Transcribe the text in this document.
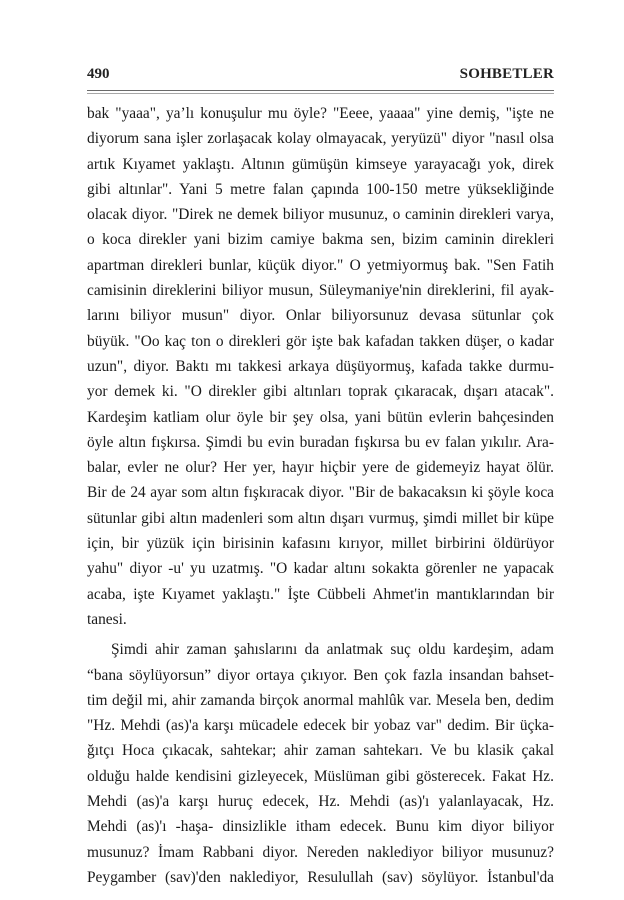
490	SOHBETLER
bak "yaaa", ya’lı konuşulur mu öyle? "Eeee, yaaaa" yine demiş, "işte ne
diyorum sana işler zorlaşacak kolay olmayacak, yeryüzü" diyor "nasıl olsa
artık Kıyamet yaklaştı. Altının gümüşün kimseye yarayacağı yok, direk
gibi altınlar". Yani 5 metre falan çapında 100-150 metre yüksekliğinde
olacak diyor. "Direk ne demek biliyor musunuz, o caminin direkleri varya,
o koca direkler yani bizim camiye bakma sen, bizim caminin direkleri
apartman direkleri bunlar, küçük diyor." O yetmiyormuş bak. "Sen Fatih
camisinin direklerini biliyor musun, Süleymaniye'nin direklerini, fil ayak-
larını biliyor musun" diyor. Onlar biliyorsunuz devasa sütunlar çok
büyük. "Oo kaç ton o direkleri gör işte bak kafadan takken düşer, o kadar
uzun", diyor. Baktı mı takkesi arkaya düşüyormuş, kafada takke durmu-
yor demek ki. "O direkler gibi altınları toprak çıkaracak, dışarı atacak".
Kardeşim katliam olur öyle bir şey olsa, yani bütün evlerin bahçesinden
öyle altın fışkırsa. Şimdi bu evin buradan fışkırsa bu ev falan yıkılır. Ara-
balar, evler ne olur? Her yer, hayır hiçbir yere de gidemeyiz hayat ölür.
Bir de 24 ayar som altın fışkıracak diyor. "Bir de bakacaksın ki şöyle koca
sütunlar gibi altın madenleri som altın dışarı vurmuş, şimdi millet bir küpe
için, bir yüzük için birisinin kafasını kırıyor, millet birbirini öldürüyor
yahu" diyor -u' yu uzatmış. "O kadar altını sokakta görenler ne yapacak
acaba, işte Kıyamet yaklaştı." İşte Cübbeli Ahmet'in mantıklarından bir
tanesi.
Şimdi ahir zaman şahıslarını da anlatmak suç oldu kardeşim, adam
“bana söylüyorsun” diyor ortaya çıkıyor. Ben çok fazla insandan bahset-
tim değil mi, ahir zamanda birçok anormal mahlûk var. Mesela ben, dedim
"Hz. Mehdi (as)'a karşı mücadele edecek bir yobaz var" dedim. Bir üçka-
ğıtçı Hoca çıkacak, sahtekar; ahir zaman sahtekarı. Ve bu klasik çakal
olduğu halde kendisini gizleyecek, Müslüman gibi gösterecek. Fakat Hz.
Mehdi (as)'a karşı huruç edecek, Hz. Mehdi (as)'ı yalanlayacak, Hz.
Mehdi (as)'ı -haşa- dinsizlikle itham edecek. Bunu kim diyor biliyor
musunuz? İmam Rabbani diyor. Nereden naklediyor biliyor musunuz?
Peygamber (sav)'den naklediyor, Resulullah (sav) söylüyor. İstanbul'da
